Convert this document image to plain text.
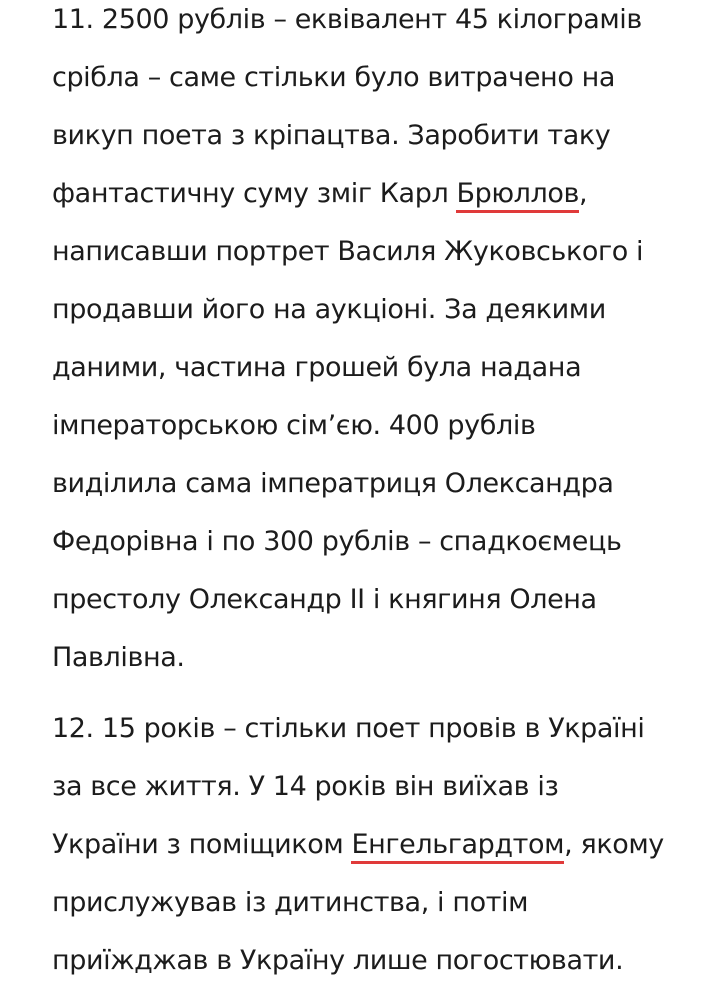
11. 2500 рублів – еквівалент 45 кілограмів
срібла – саме стільки було витрачено на
викуп поета з кріпацтва. Заробити таку
фантастичну суму зміг Карл Брюллов,
написавши портрет Василя Жуковського і
продавши його на аукціоні. За деякими
даними, частина грошей була надана
імператорською сім’єю. 400 рублів
виділила сама імператриця Олександра
Федорівна і по 300 рублів – спадкоємець
престолу Олександр II і княгиня Олена
Павлівна.

12. 15 років – стільки поет провів в Україні
за все життя. У 14 років він виїхав із
України з поміщиком Енгельгардтом, якому
прислужував із дитинства, і потім
приїжджав в Україну лише погостювати.
